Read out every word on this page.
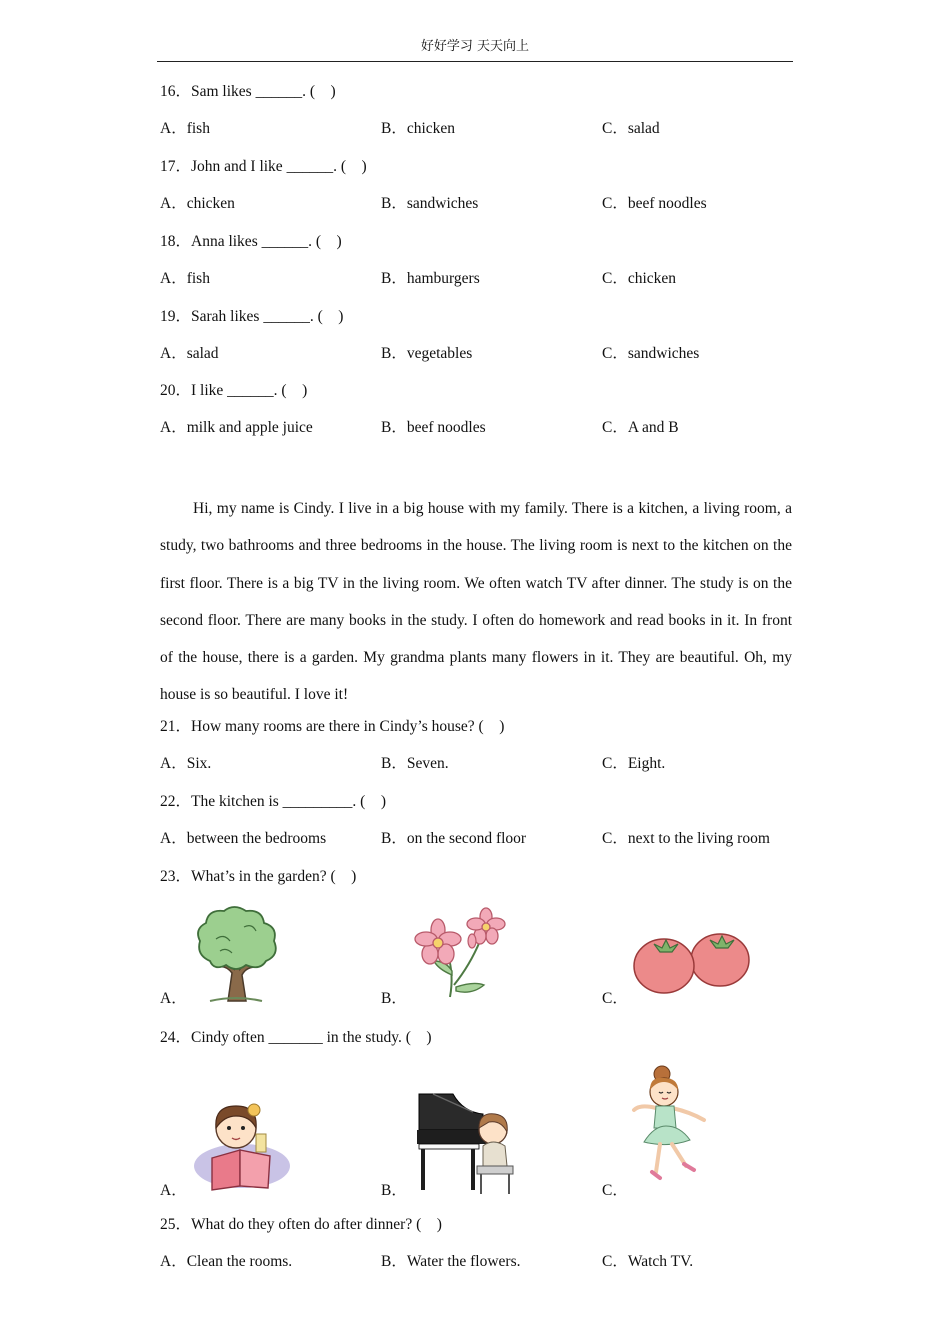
好好学习 天天向上
16．Sam likes ______. (　)
A．fish	B．chicken	C．salad
17．John and I like ______. (　)
A．chicken	B．sandwiches	C．beef noodles
18．Anna likes ______. (　)
A．fish	B．hamburgers	C．chicken
19．Sarah likes ______. (　)
A．salad	B．vegetables	C．sandwiches
20．I like ______. (　)
A．milk and apple juice	B．beef noodles	C．A and B
Hi, my name is Cindy. I live in a big house with my family. There is a kitchen, a living room, a study, two bathrooms and three bedrooms in the house. The living room is next to the kitchen on the first floor. There is a big TV in the living room. We often watch TV after dinner. The study is on the second floor. There are many books in the study. I often do homework and read books in it. In front of the house, there is a garden. My grandma plants many flowers in it. They are beautiful. Oh, my house is so beautiful. I love it!
21．How many rooms are there in Cindy’s house? (　)
A．Six.	B．Seven.	C．Eight.
22．The kitchen is _________. (　)
A．between the bedrooms	B．on the second floor	C．next to the living room
23．What’s in the garden? (　)
A．	B．	C．
24．Cindy often _______ in the study. (　)
A．	B．	C．
25．What do they often do after dinner? (　)
A．Clean the rooms.	B．Water the flowers.	C．Watch TV.
